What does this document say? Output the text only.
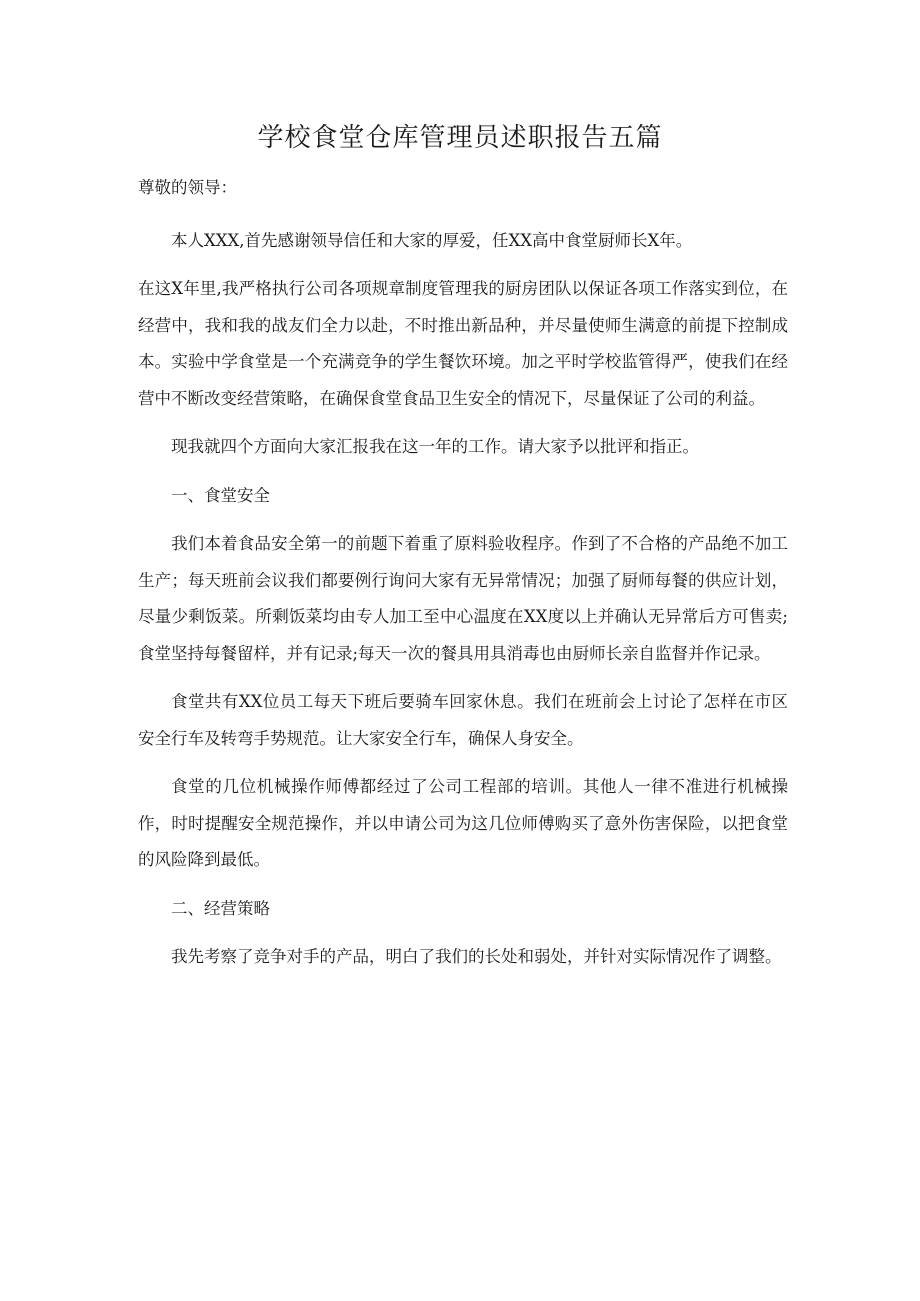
学校食堂仓库管理员述职报告五篇

尊敬的领导：

本人XXX,首先感谢领导信任和大家的厚爱，任XX高中食堂厨师长X年。

在这X年里,我严格执行公司各项规章制度管理我的厨房团队以保证各项工作落实到位，在经营中，我和我的战友们全力以赴，不时推出新品种，并尽量使师生满意的前提下控制成本。实验中学食堂是一个充满竞争的学生餐饮环境。加之平时学校监管得严，使我们在经营中不断改变经营策略，在确保食堂食品卫生安全的情况下，尽量保证了公司的利益。

现我就四个方面向大家汇报我在这一年的工作。请大家予以批评和指正。

一、食堂安全

我们本着食品安全第一的前题下着重了原料验收程序。作到了不合格的产品绝不加工生产；每天班前会议我们都要例行询问大家有无异常情况；加强了厨师每餐的供应计划，尽量少剩饭菜。所剩饭菜均由专人加工至中心温度在XX度以上并确认无异常后方可售卖;食堂坚持每餐留样，并有记录;每天一次的餐具用具消毒也由厨师长亲自监督并作记录。

食堂共有XX位员工每天下班后要骑车回家休息。我们在班前会上讨论了怎样在市区安全行车及转弯手势规范。让大家安全行车，确保人身安全。

食堂的几位机械操作师傅都经过了公司工程部的培训。其他人一律不准进行机械操作，时时提醒安全规范操作，并以申请公司为这几位师傅购买了意外伤害保险，以把食堂的风险降到最低。

二、经营策略

我先考察了竞争对手的产品，明白了我们的长处和弱处，并针对实际情况作了调整。
